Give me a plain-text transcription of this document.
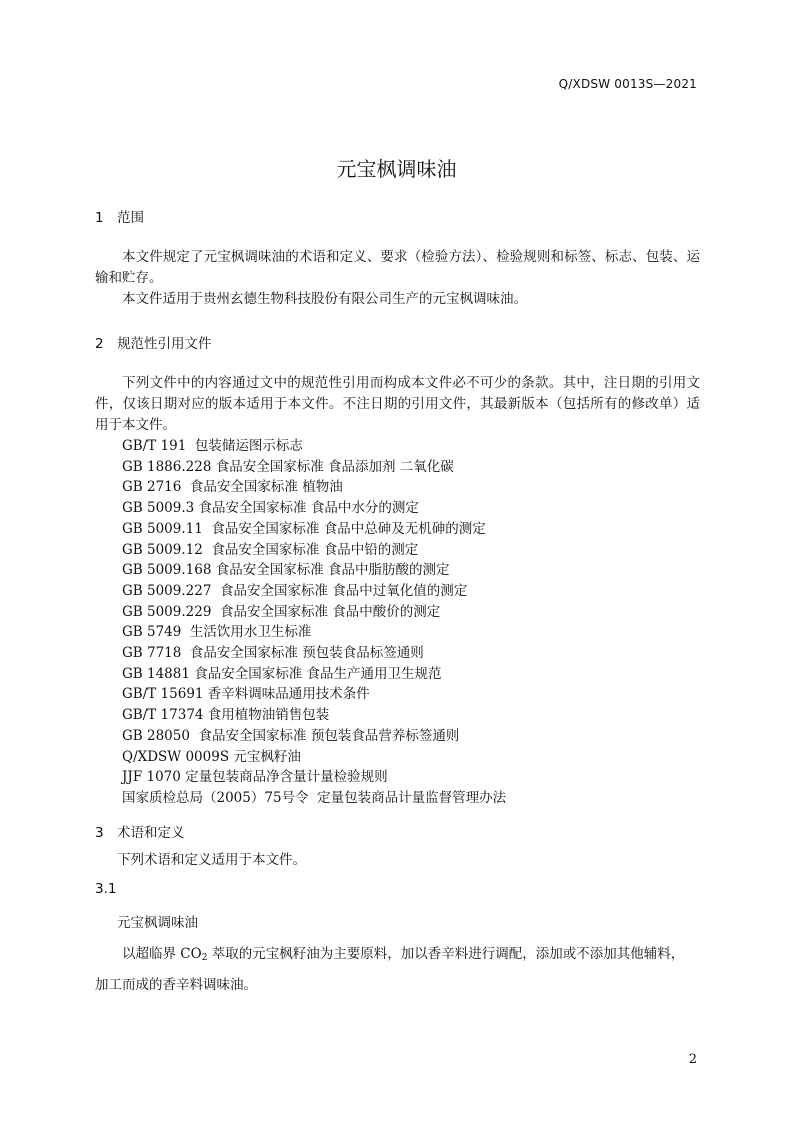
Q/XDSW 0013S—2021
元宝枫调味油
1 范围

本文件规定了元宝枫调味油的术语和定义、要求（检验方法）、检验规则和标签、标志、包装、运输和贮存。

本文件适用于贵州玄德生物科技股份有限公司生产的元宝枫调味油。

2 规范性引用文件

下列文件中的内容通过文中的规范性引用而构成本文件必不可少的条款。其中，注日期的引用文件，仅该日期对应的版本适用于本文件。不注日期的引用文件，其最新版本（包括所有的修改单）适用于本文件。

GB/T 191  包装储运图示标志
GB 1886.228 食品安全国家标准 食品添加剂 二氧化碳
GB 2716  食品安全国家标准 植物油
GB 5009.3 食品安全国家标准 食品中水分的测定
GB 5009.11  食品安全国家标准 食品中总砷及无机砷的测定
GB 5009.12  食品安全国家标准 食品中铅的测定
GB 5009.168 食品安全国家标准 食品中脂肪酸的测定
GB 5009.227  食品安全国家标准 食品中过氧化值的测定
GB 5009.229  食品安全国家标准 食品中酸价的测定
GB 5749  生活饮用水卫生标准
GB 7718  食品安全国家标准 预包装食品标签通则
GB 14881 食品安全国家标准 食品生产通用卫生规范
GB/T 15691 香辛料调味品通用技术条件
GB/T 17374 食用植物油销售包装
GB 28050  食品安全国家标准 预包装食品营养标签通则
Q/XDSW 0009S 元宝枫籽油
JJF 1070 定量包装商品净含量计量检验规则
国家质检总局（2005）75号令  定量包装商品计量监督管理办法
3 术语和定义
下列术语和定义适用于本文件。
3.1
元宝枫调味油
以超临界 $CO_2$ 萃取的元宝枫籽油为主要原料，加以香辛料进行调配，添加或不添加其他辅料，
加工而成的香辛料调味油。
2
